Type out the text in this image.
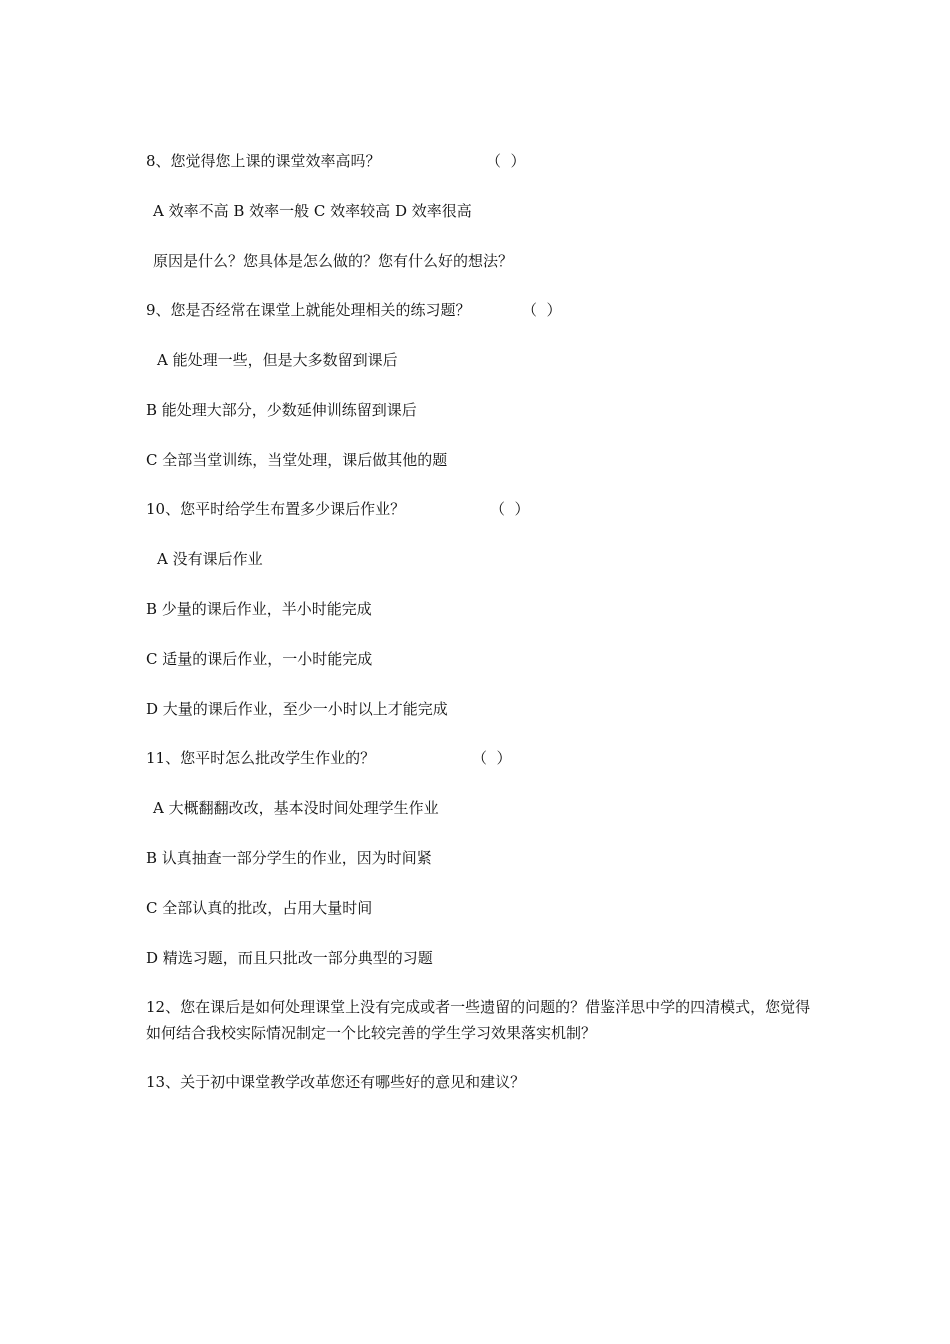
8、您觉得您上课的课堂效率高吗？	（  ）
A 效率不高 B 效率一般 C 效率较高 D 效率很高
原因是什么？您具体是怎么做的？您有什么好的想法？
9、您是否经常在课堂上就能处理相关的练习题？	（  ）
A 能处理一些，但是大多数留到课后
B 能处理大部分，少数延伸训练留到课后
C 全部当堂训练，当堂处理，课后做其他的题
10、您平时给学生布置多少课后作业？	（  ）
A 没有课后作业
B 少量的课后作业，半小时能完成
C 适量的课后作业，一小时能完成
D 大量的课后作业，至少一小时以上才能完成
11、您平时怎么批改学生作业的？	（  ）
A 大概翻翻改改，基本没时间处理学生作业
B 认真抽查一部分学生的作业，因为时间紧
C 全部认真的批改，占用大量时间
D 精选习题，而且只批改一部分典型的习题
12、您在课后是如何处理课堂上没有完成或者一些遗留的问题的？借鉴洋思中学的四清模式，您觉得如何结合我校实际情况制定一个比较完善的学生学习效果落实机制？
13、关于初中课堂教学改革您还有哪些好的意见和建议？
